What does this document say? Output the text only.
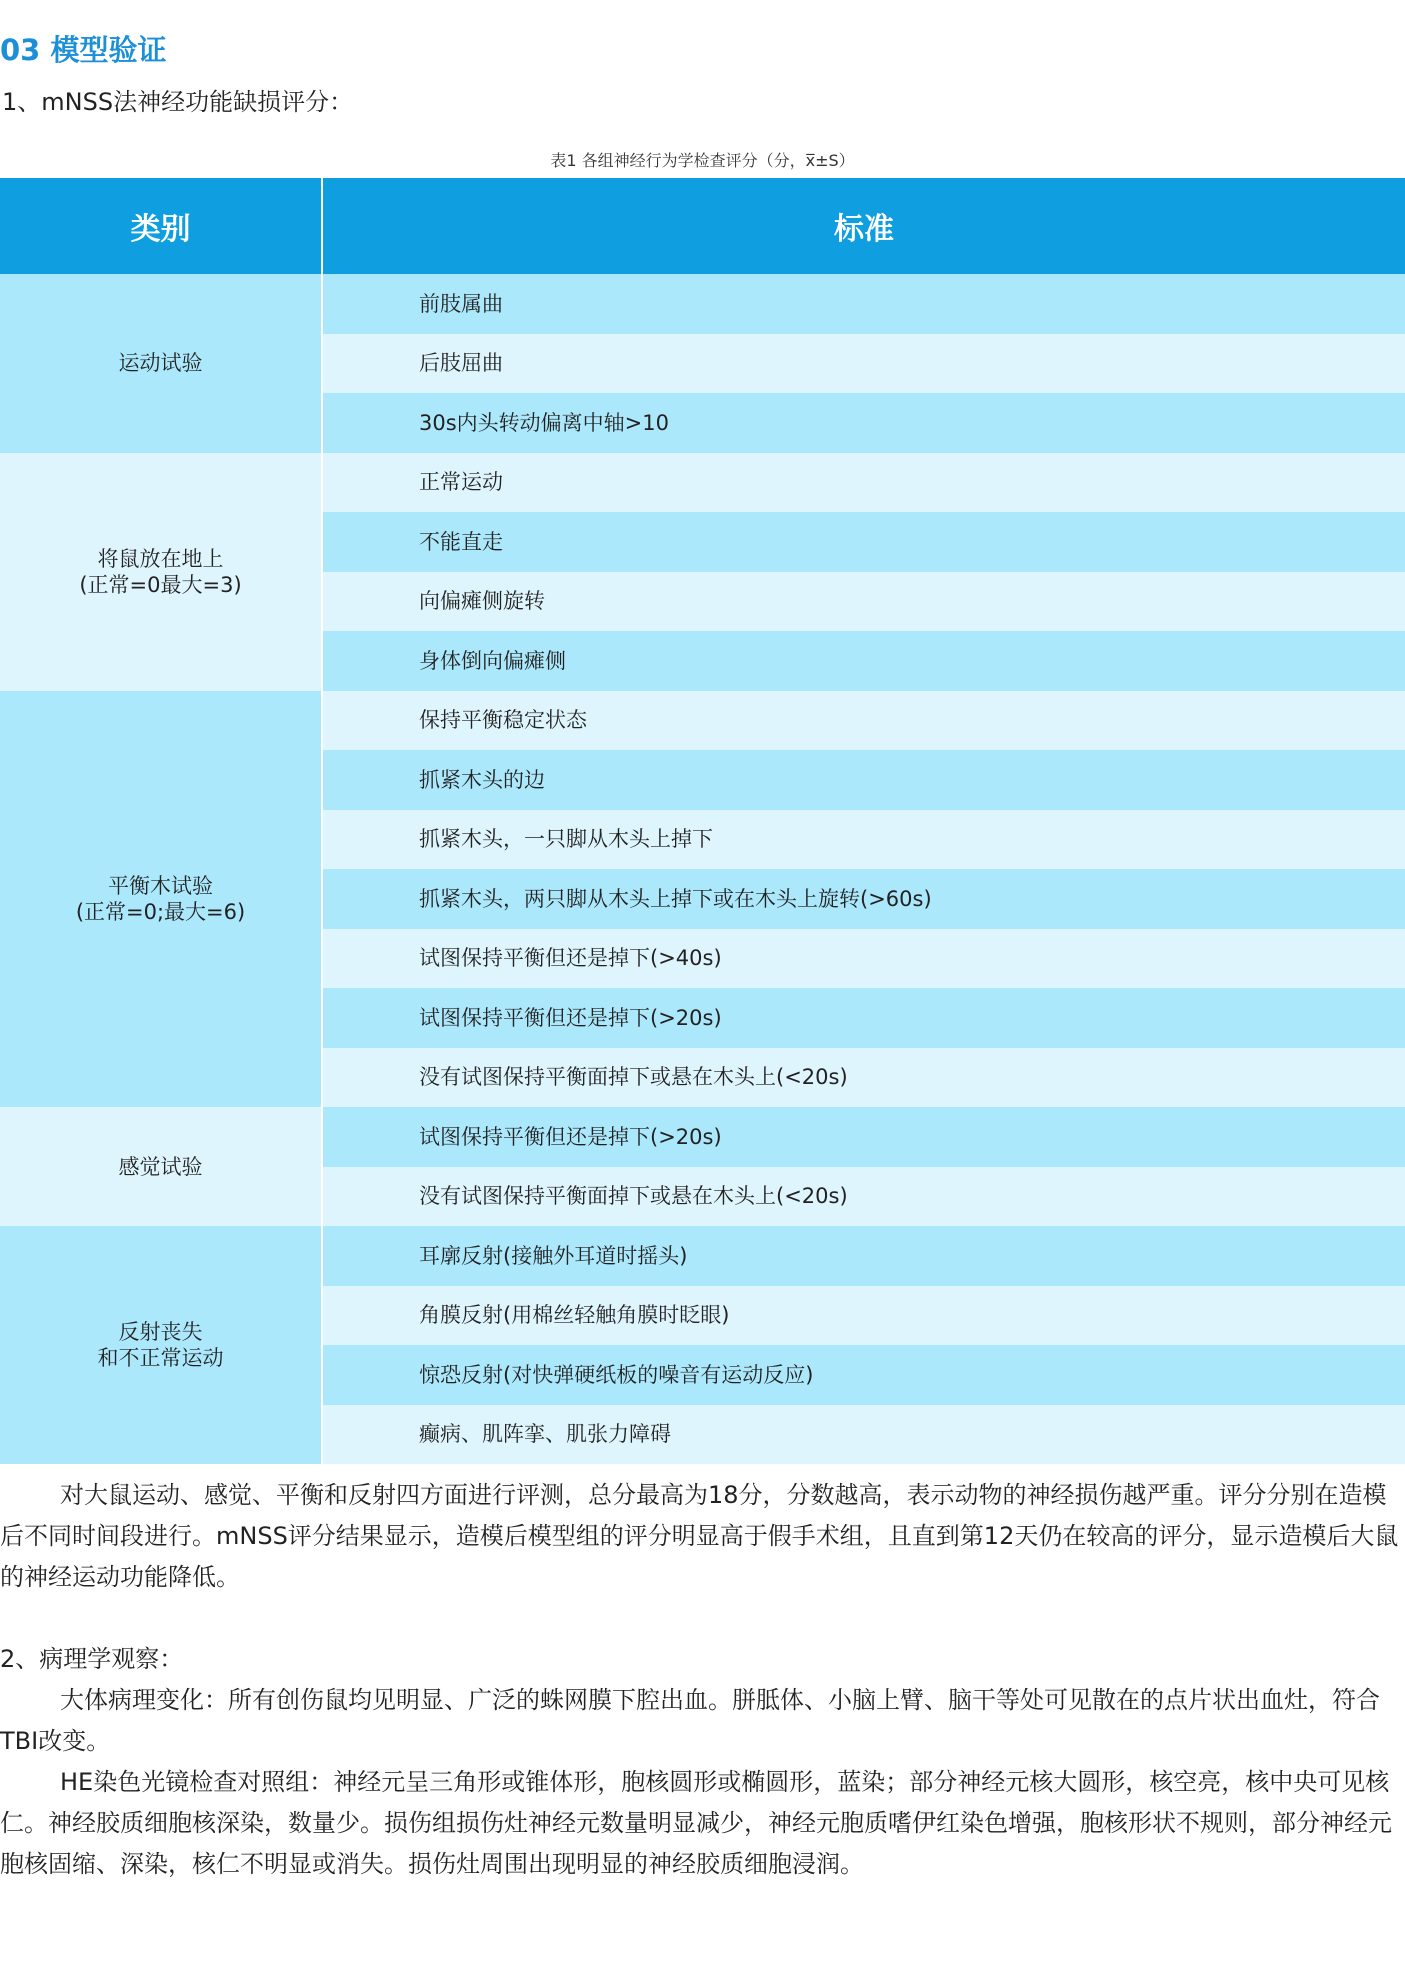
03 模型验证

1、mNSS法神经功能缺损评分：

表1 各组神经行为学检查评分（分，x̅±S）

类别	标准

运动试验	前肢属曲
	后肢屈曲
	30s内头转动偏离中轴>10

将鼠放在地上
(正常=0最大=3)	正常运动
	不能直走
	向偏瘫侧旋转
	身体倒向偏瘫侧

平衡木试验
(正常=0;最大=6)	保持平衡稳定状态
	抓紧木头的边
	抓紧木头，一只脚从木头上掉下
	抓紧木头，两只脚从木头上掉下或在木头上旋转(>60s)
	试图保持平衡但还是掉下(>40s)
	试图保持平衡但还是掉下(>20s)
	没有试图保持平衡面掉下或悬在木头上(<20s)

感觉试验	试图保持平衡但还是掉下(>20s)
	没有试图保持平衡面掉下或悬在木头上(<20s)

反射丧失
和不正常运动	耳廓反射(接触外耳道时摇头)
	角膜反射(用棉丝轻触角膜时眨眼)
	惊恐反射(对快弹硬纸板的噪音有运动反应)
	癫病、肌阵挛、肌张力障碍

对大鼠运动、感觉、平衡和反射四方面进行评测，总分最高为18分，分数越高，表示动物的神经损伤越严重。评分分别在造模后不同时间段进行。mNSS评分结果显示，造模后模型组的评分明显高于假手术组，且直到第12天仍在较高的评分，显示造模后大鼠的神经运动功能降低。

2、病理学观察：

大体病理变化：所有创伤鼠均见明显、广泛的蛛网膜下腔出血。胼胝体、小脑上臂、脑干等处可见散在的点片状出血灶，符合TBI改变。

HE染色光镜检查对照组：神经元呈三角形或锥体形，胞核圆形或椭圆形，蓝染；部分神经元核大圆形，核空亮，核中央可见核仁。神经胶质细胞核深染，数量少。损伤组损伤灶神经元数量明显减少，神经元胞质嗜伊红染色增强，胞核形状不规则，部分神经元胞核固缩、深染，核仁不明显或消失。损伤灶周围出现明显的神经胶质细胞浸润。
